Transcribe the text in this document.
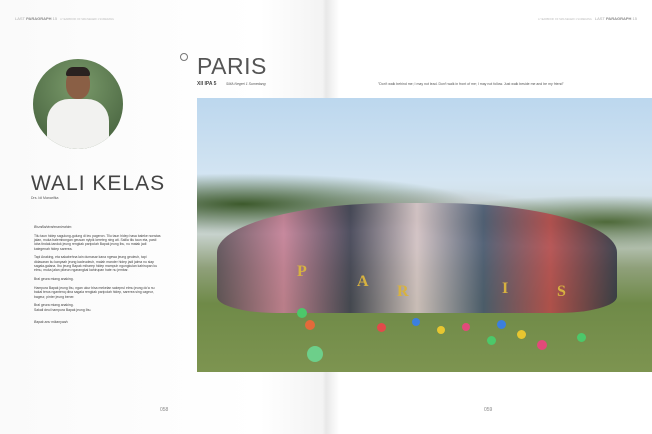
LAST PARAGRAPH 15 A YEARBOOK OF SMA NEGERI 1 SUMEDANG	A YEARBOOK OF SMA NEGERI 1 SUMEDANG LAST PARAGRAPH 15
WALI KELAS
Drs. Idi Manarifka

Bismillahirrahmanirrahim.

Tilu taun hidep sagulung-gulung di ieu pageron. Tilu taun hidep hasa baleke nonstas jalan, muka balembongan geusan nyipik kereteg ning ati. Salila tilu taun eta, pasti loba tindak-tanduk jeung rengkak paripolah Bapak jeung Ibu, nu matak jadi kategenah hidep sarerea.

Tapi Anaking, eta sakabehna lain dumasar kana ngewa jeung geuleuh, tapi didasaran ku kanyaah jeung kadeudeuh, malah mander hidep jadi jalma nu siap sagala-galana. Ibu jeung Bapak miharep hidep mampuh ngungkulan kahirupan ku elmu, muka jalan pikeun ngarangkai kahirupan hate nu jembar.

Bral geura miang anaking.

Hampura Bapak jeung Ibu, ngan ukur bisa mekelan sakeprul elmu jeung do'a nu bakal terus ngantenq dina sagala rengkak paripolah hidep, sarerea sing cageur, bageur, pinter jeung bener.

Bral geura miang anaking.
Sakali deui hampura Bapak jeung Ibu.

Bapak anu mikanyaah.

058
PARIS
XII IPA 5	SMA Negeri 1 Sumedang	"Don't walk behind me; I may not lead. Don't walk in front of me; I may not follow. Just walk beside me and be my friend"
P
A
R	I	S
059
